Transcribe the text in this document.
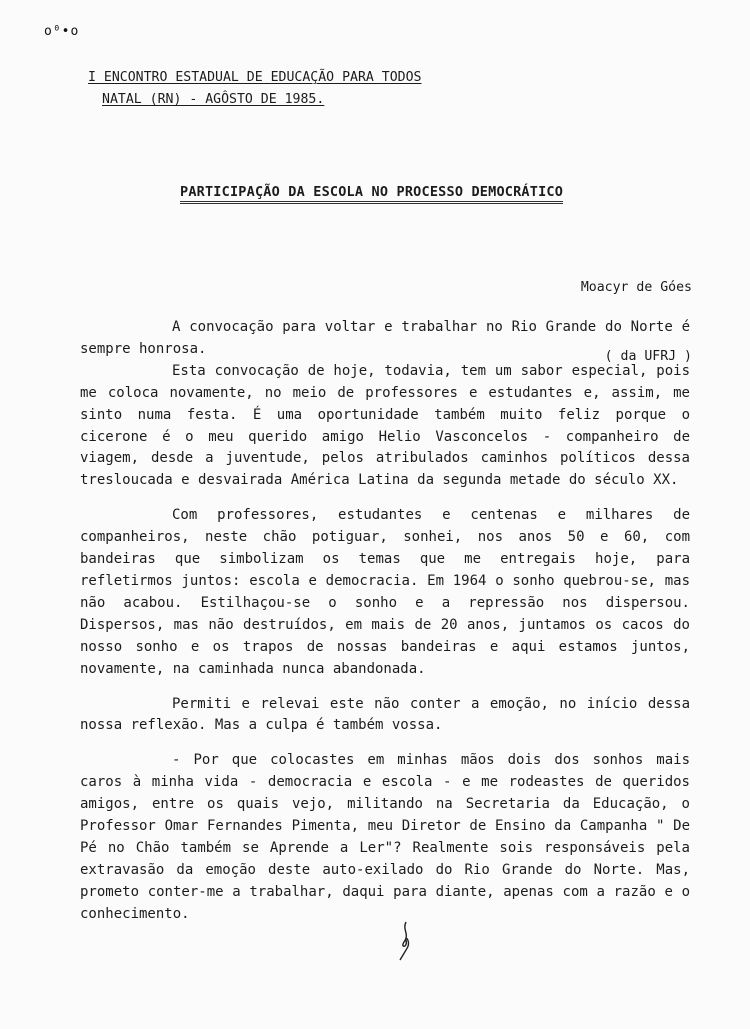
o⁰•o
I ENCONTRO ESTADUAL DE EDUCAÇÃO PARA TODOS
NATAL (RN) - AGÔSTO DE 1985.
PARTICIPAÇÃO DA ESCOLA NO PROCESSO DEMOCRÁTICO

Moacyr de Góes

( da UFRJ )

A convocação para voltar e trabalhar no Rio Grande do Norte é sempre honrosa.

Esta convocação de hoje, todavia, tem um sabor especial, pois me coloca novamente, no meio de professores e estudantes e, assim, me sinto numa festa. É uma oportunidade também muito feliz porque o cicerone é o meu querido amigo Helio Vasconcelos - companheiro de viagem, desde a juventude, pelos atribulados caminhos políticos dessa tresloucada e desvairada América Latina da segunda metade do século XX.

Com professores, estudantes e centenas e milhares de companheiros, neste chão potiguar, sonhei, nos anos 50 e 60, com bandeiras que simbolizam os temas que me entregais hoje, para refletirmos juntos: escola e democracia. Em 1964 o sonho quebrou-se, mas não acabou. Estilhaçou-se o sonho e a repressão nos dispersou. Dispersos, mas não destruídos, em mais de 20 anos, juntamos os cacos do nosso sonho e os trapos de nossas bandeiras e aqui estamos juntos, novamente, na caminhada nunca abandonada.

Permiti e relevai este não conter a emoção, no início dessa nossa reflexão. Mas a culpa é também vossa.

- Por que colocastes em minhas mãos dois dos sonhos mais caros à minha vida - democracia e escola - e me rodeastes de queridos amigos, entre os quais vejo, militando na Secretaria da Educação, o Professor Omar Fernandes Pimenta, meu Diretor de Ensino da Campanha " De Pé no Chão também se Aprende a Ler"? Realmente sois responsáveis pela extravasão da emoção deste auto-exilado do Rio Grande do Norte. Mas, prometo conter-me a trabalhar, daqui para diante, apenas com a razão e o conhecimento.
